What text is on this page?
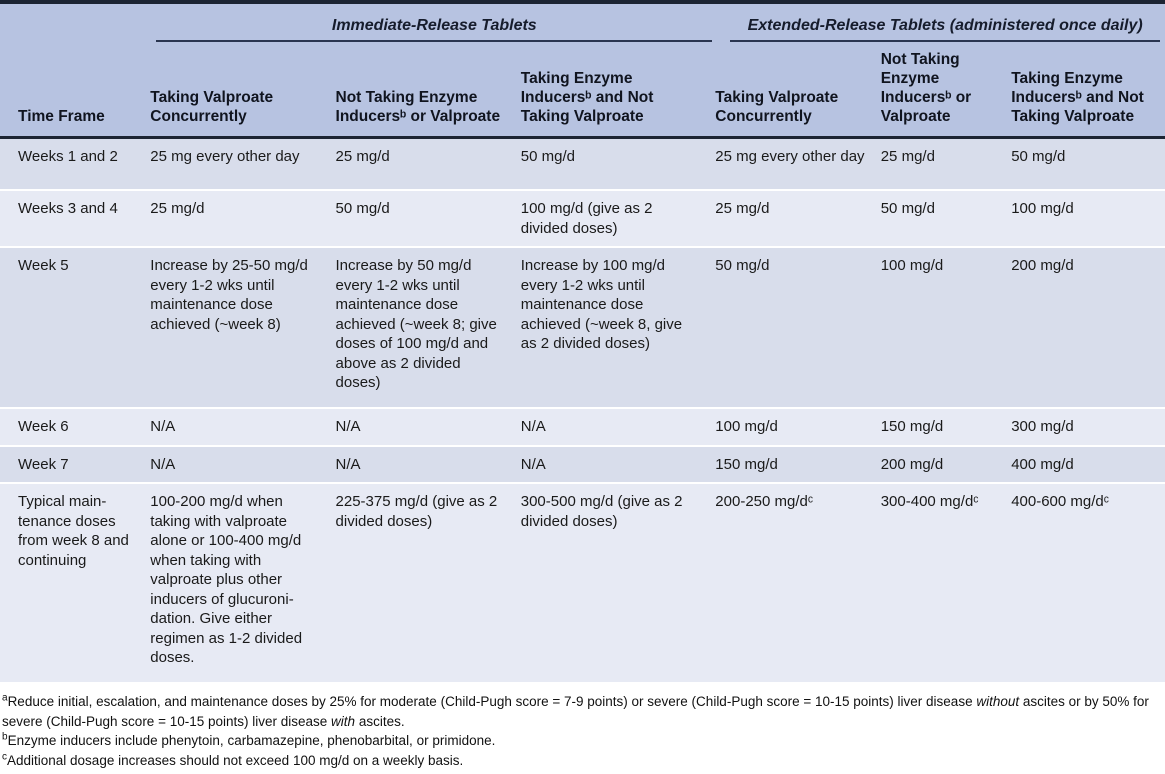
	Immediate-Release Tablets			Extended-Release Tablets (administered once daily)		

Time Frame	Taking Valproate Concurrently	Not Taking Enzyme Inducersᵇ or Valproate	Taking Enzyme Inducersᵇ and Not Taking Valproate	Taking Valproate Concurrently	Not Taking Enzyme Inducersᵇ or Valproate	Taking Enzyme Inducersᵇ and Not Taking Valproate
Weeks 1 and 2	25 mg every other day	25 mg/d	50 mg/d	25 mg every other day	25 mg/d	50 mg/d
Weeks 3 and 4	25 mg/d	50 mg/d	100 mg/d (give as 2 divided doses)	25 mg/d	50 mg/d	100 mg/d
Week 5	Increase by 25-50 mg/d every 1-2 wks until maintenance dose achieved (~week 8)	Increase by 50 mg/d every 1-2 wks until maintenance dose achieved (~week 8; give doses of 100 mg/d and above as 2 divided doses)	Increase by 100 mg/d every 1-2 wks until maintenance dose achieved (~week 8, give as 2 divided doses)	50 mg/d	100 mg/d	200 mg/d
Week 6	N/A	N/A	N/A	100 mg/d	150 mg/d	300 mg/d
Week 7	N/A	N/A	N/A	150 mg/d	200 mg/d	400 mg/d
Typical main-tenance doses from week 8 and continuing	100-200 mg/d when taking with valproate alone or 100-400 mg/d when taking with valproate plus other inducers of glucuroni-dation. Give either regimen as 1-2 divided doses.	225-375 mg/d (give as 2 divided doses)	300-500 mg/d (give as 2 divided doses)	200-250 mg/dᶜ	300-400 mg/dᶜ	400-600 mg/dᶜ
$^a$Reduce initial, escalation, and maintenance doses by 25% for moderate (Child-Pugh score = 7-9 points) or severe (Child-Pugh score = 10-15 points) liver disease without ascites or by 50% for severe (Child-Pugh score = 10-15 points) liver disease with ascites.
$^b$Enzyme inducers include phenytoin, carbamazepine, phenobarbital, or primidone.
$^c$Additional dosage increases should not exceed 100 mg/d on a weekly basis.
